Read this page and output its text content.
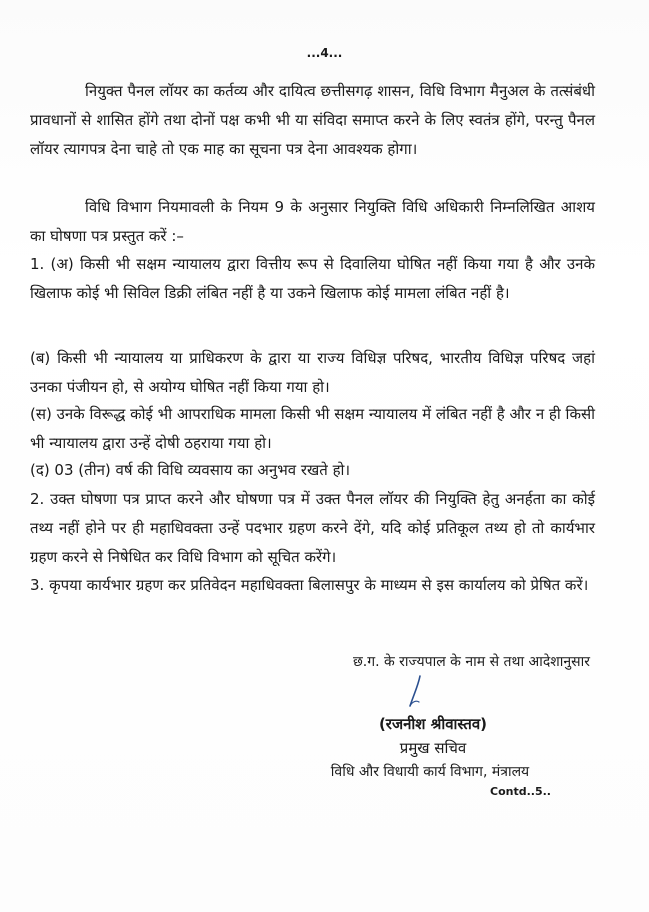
...4...
नियुक्त पैनल लॉयर का कर्तव्य और दायित्व छत्तीसगढ़ शासन, विधि विभाग मैनुअल के तत्संबंधी प्रावधानों से शासित होंगे तथा दोनों पक्ष कभी भी या संविदा समाप्त करने के लिए स्वतंत्र होंगे, परन्तु पैनल लॉयर त्यागपत्र देना चाहे तो एक माह का सूचना पत्र देना आवश्यक होगा।
विधि विभाग नियमावली के नियम 9 के अनुसार नियुक्ति विधि अधिकारी निम्नलिखित आशय का घोषणा पत्र प्रस्तुत करें :–
1. (अ) किसी भी सक्षम न्यायालय द्वारा वित्तीय रूप से दिवालिया घोषित नहीं किया गया है और उनके खिलाफ कोई भी सिविल डिक्री लंबित नहीं है या उकने खिलाफ कोई मामला लंबित नहीं है।
(ब) किसी भी न्यायालय या प्राधिकरण के द्वारा या राज्य विधिज्ञ परिषद, भारतीय विधिज्ञ परिषद जहां उनका पंजीयन हो, से अयोग्य घोषित नहीं किया गया हो।
(स) उनके विरूद्ध कोई भी आपराधिक मामला किसी भी सक्षम न्यायालय में लंबित नहीं है और न ही किसी भी न्यायालय द्वारा उन्हें दोषी ठहराया गया हो।
(द) 03 (तीन) वर्ष की विधि व्यवसाय का अनुभव रखते हो।
2. उक्त घोषणा पत्र प्राप्त करने और घोषणा पत्र में उक्त पैनल लॉयर की नियुक्ति हेतु अनर्हता का कोई तथ्य नहीं होने पर ही महाधिवक्ता उन्हें पदभार ग्रहण करने देंगे, यदि कोई प्रतिकूल तथ्य हो तो कार्यभार ग्रहण करने से निषेधित कर विधि विभाग को सूचित करेंगे।
3. कृपया कार्यभार ग्रहण कर प्रतिवेदन महाधिवक्ता बिलासपुर के माध्यम से इस कार्यालय को प्रेषित करें।
छ.ग. के राज्यपाल के नाम से तथा आदेशानुसार
(रजनीश श्रीवास्तव)
प्रमुख सचिव
विधि और विधायी कार्य विभाग, मंत्रालय
Contd..5..
